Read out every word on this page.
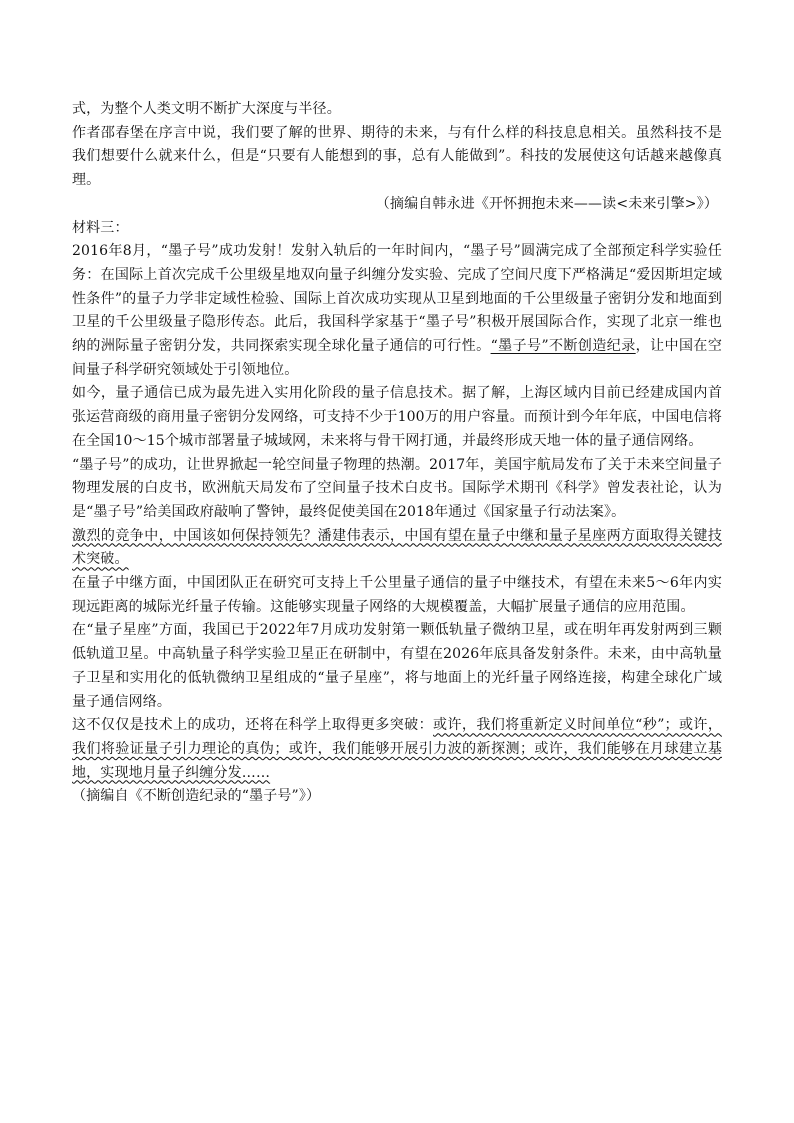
式，为整个人类文明不断扩大深度与半径。

作者邵春堡在序言中说，我们要了解的世界、期待的未来，与有什么样的科技息息相关。虽然科技不是我们想要什么就来什么，但是“只要有人能想到的事，总有人能做到”。科技的发展使这句话越来越像真理。

（摘编自韩永进《开怀拥抱未来——读<未来引擎>》）

材料三：

2016年8月，“墨子号”成功发射！发射入轨后的一年时间内，“墨子号”圆满完成了全部预定科学实验任务：在国际上首次完成千公里级星地双向量子纠缠分发实验、完成了空间尺度下严格满足“爱因斯坦定域性条件”的量子力学非定域性检验、国际上首次成功实现从卫星到地面的千公里级量子密钥分发和地面到卫星的千公里级量子隐形传态。此后，我国科学家基于“墨子号”积极开展国际合作，实现了北京一维也纳的洲际量子密钥分发，共同探索实现全球化量子通信的可行性。“墨子号”不断创造纪录，让中国在空间量子科学研究领域处于引领地位。

如今，量子通信已成为最先进入实用化阶段的量子信息技术。据了解，上海区域内目前已经建成国内首张运营商级的商用量子密钥分发网络，可支持不少于100万的用户容量。而预计到今年年底，中国电信将在全国10～15个城市部署量子城域网，未来将与骨干网打通，并最终形成天地一体的量子通信网络。

“墨子号”的成功，让世界掀起一轮空间量子物理的热潮。2017年，美国宇航局发布了关于未来空间量子物理发展的白皮书，欧洲航天局发布了空间量子技术白皮书。国际学术期刊《科学》曾发表社论，认为是“墨子号”给美国政府敲响了警钟，最终促使美国在2018年通过《国家量子行动法案》。

激烈的竞争中，中国该如何保持领先？潘建伟表示，中国有望在量子中继和量子星座两方面取得关键技术突破。

在量子中继方面，中国团队正在研究可支持上千公里量子通信的量子中继技术，有望在未来5～6年内实现远距离的城际光纤量子传输。这能够实现量子网络的大规模覆盖，大幅扩展量子通信的应用范围。

在“量子星座”方面，我国已于2022年7月成功发射第一颗低轨量子微纳卫星，或在明年再发射两到三颗低轨道卫星。中高轨量子科学实验卫星正在研制中，有望在2026年底具备发射条件。未来，由中高轨量子卫星和实用化的低轨微纳卫星组成的“量子星座”，将与地面上的光纤量子网络连接，构建全球化广域量子通信网络。

这不仅仅是技术上的成功，还将在科学上取得更多突破：或许，我们将重新定义时间单位“秒”；或许，我们将验证量子引力理论的真伪；或许，我们能够开展引力波的新探测；或许，我们能够在月球建立基地，实现地月量子纠缠分发……

（摘编自《不断创造纪录的“墨子号”》）
